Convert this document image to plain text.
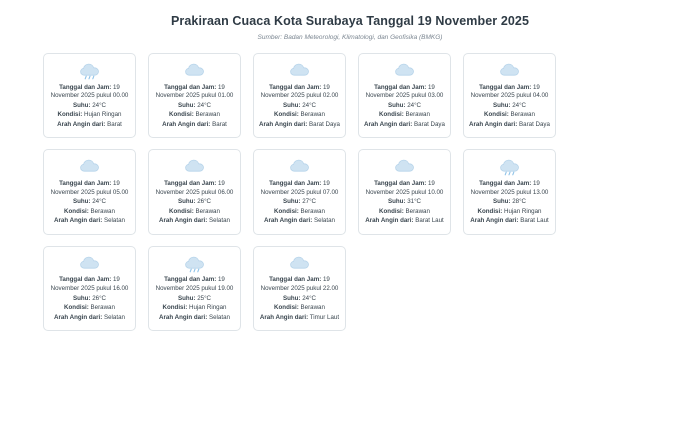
Prakiraan Cuaca Kota Surabaya Tanggal 19 November 2025
Sumber: Badan Meteorologi, Klimatologi, dan Geofisika (BMKG)
Tanggal dan Jam: 19 November 2025 pukul 00.00
Suhu: 24°C
Kondisi: Hujan Ringan
Arah Angin dari: Barat
Tanggal dan Jam: 19 November 2025 pukul 01.00
Suhu: 24°C
Kondisi: Berawan
Arah Angin dari: Barat
Tanggal dan Jam: 19 November 2025 pukul 02.00
Suhu: 24°C
Kondisi: Berawan
Arah Angin dari: Barat Daya
Tanggal dan Jam: 19 November 2025 pukul 03.00
Suhu: 24°C
Kondisi: Berawan
Arah Angin dari: Barat Daya
Tanggal dan Jam: 19 November 2025 pukul 04.00
Suhu: 24°C
Kondisi: Berawan
Arah Angin dari: Barat Daya
Tanggal dan Jam: 19 November 2025 pukul 05.00
Suhu: 24°C
Kondisi: Berawan
Arah Angin dari: Selatan
Tanggal dan Jam: 19 November 2025 pukul 06.00
Suhu: 26°C
Kondisi: Berawan
Arah Angin dari: Selatan
Tanggal dan Jam: 19 November 2025 pukul 07.00
Suhu: 27°C
Kondisi: Berawan
Arah Angin dari: Selatan
Tanggal dan Jam: 19 November 2025 pukul 10.00
Suhu: 31°C
Kondisi: Berawan
Arah Angin dari: Barat Laut
Tanggal dan Jam: 19 November 2025 pukul 13.00
Suhu: 28°C
Kondisi: Hujan Ringan
Arah Angin dari: Barat Laut
Tanggal dan Jam: 19 November 2025 pukul 16.00
Suhu: 26°C
Kondisi: Berawan
Arah Angin dari: Selatan
Tanggal dan Jam: 19 November 2025 pukul 19.00
Suhu: 25°C
Kondisi: Hujan Ringan
Arah Angin dari: Selatan
Tanggal dan Jam: 19 November 2025 pukul 22.00
Suhu: 24°C
Kondisi: Berawan
Arah Angin dari: Timur Laut
